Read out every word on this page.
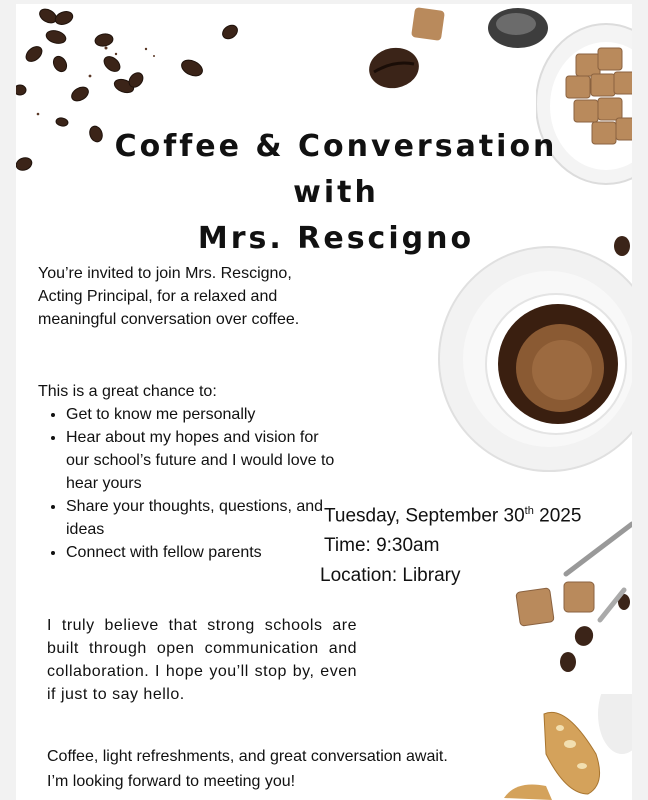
Coffee & Conversation
with
Mrs. Rescigno
You’re invited to join Mrs. Rescigno, Acting Principal, for a relaxed and meaningful conversation over coffee.
This is a great chance to:
• Get to know me personally
• Hear about my hopes and vision for our school’s future and I would love to hear yours
• Share your thoughts, questions, and ideas
• Connect with fellow parents
Tuesday, September 30th 2025
Time: 9:30am
Location: Library
I truly believe that strong schools are built through open communication and collaboration. I hope you’ll stop by, even if just to say hello.
Coffee, light refreshments, and great conversation await.
I’m looking forward to meeting you!
